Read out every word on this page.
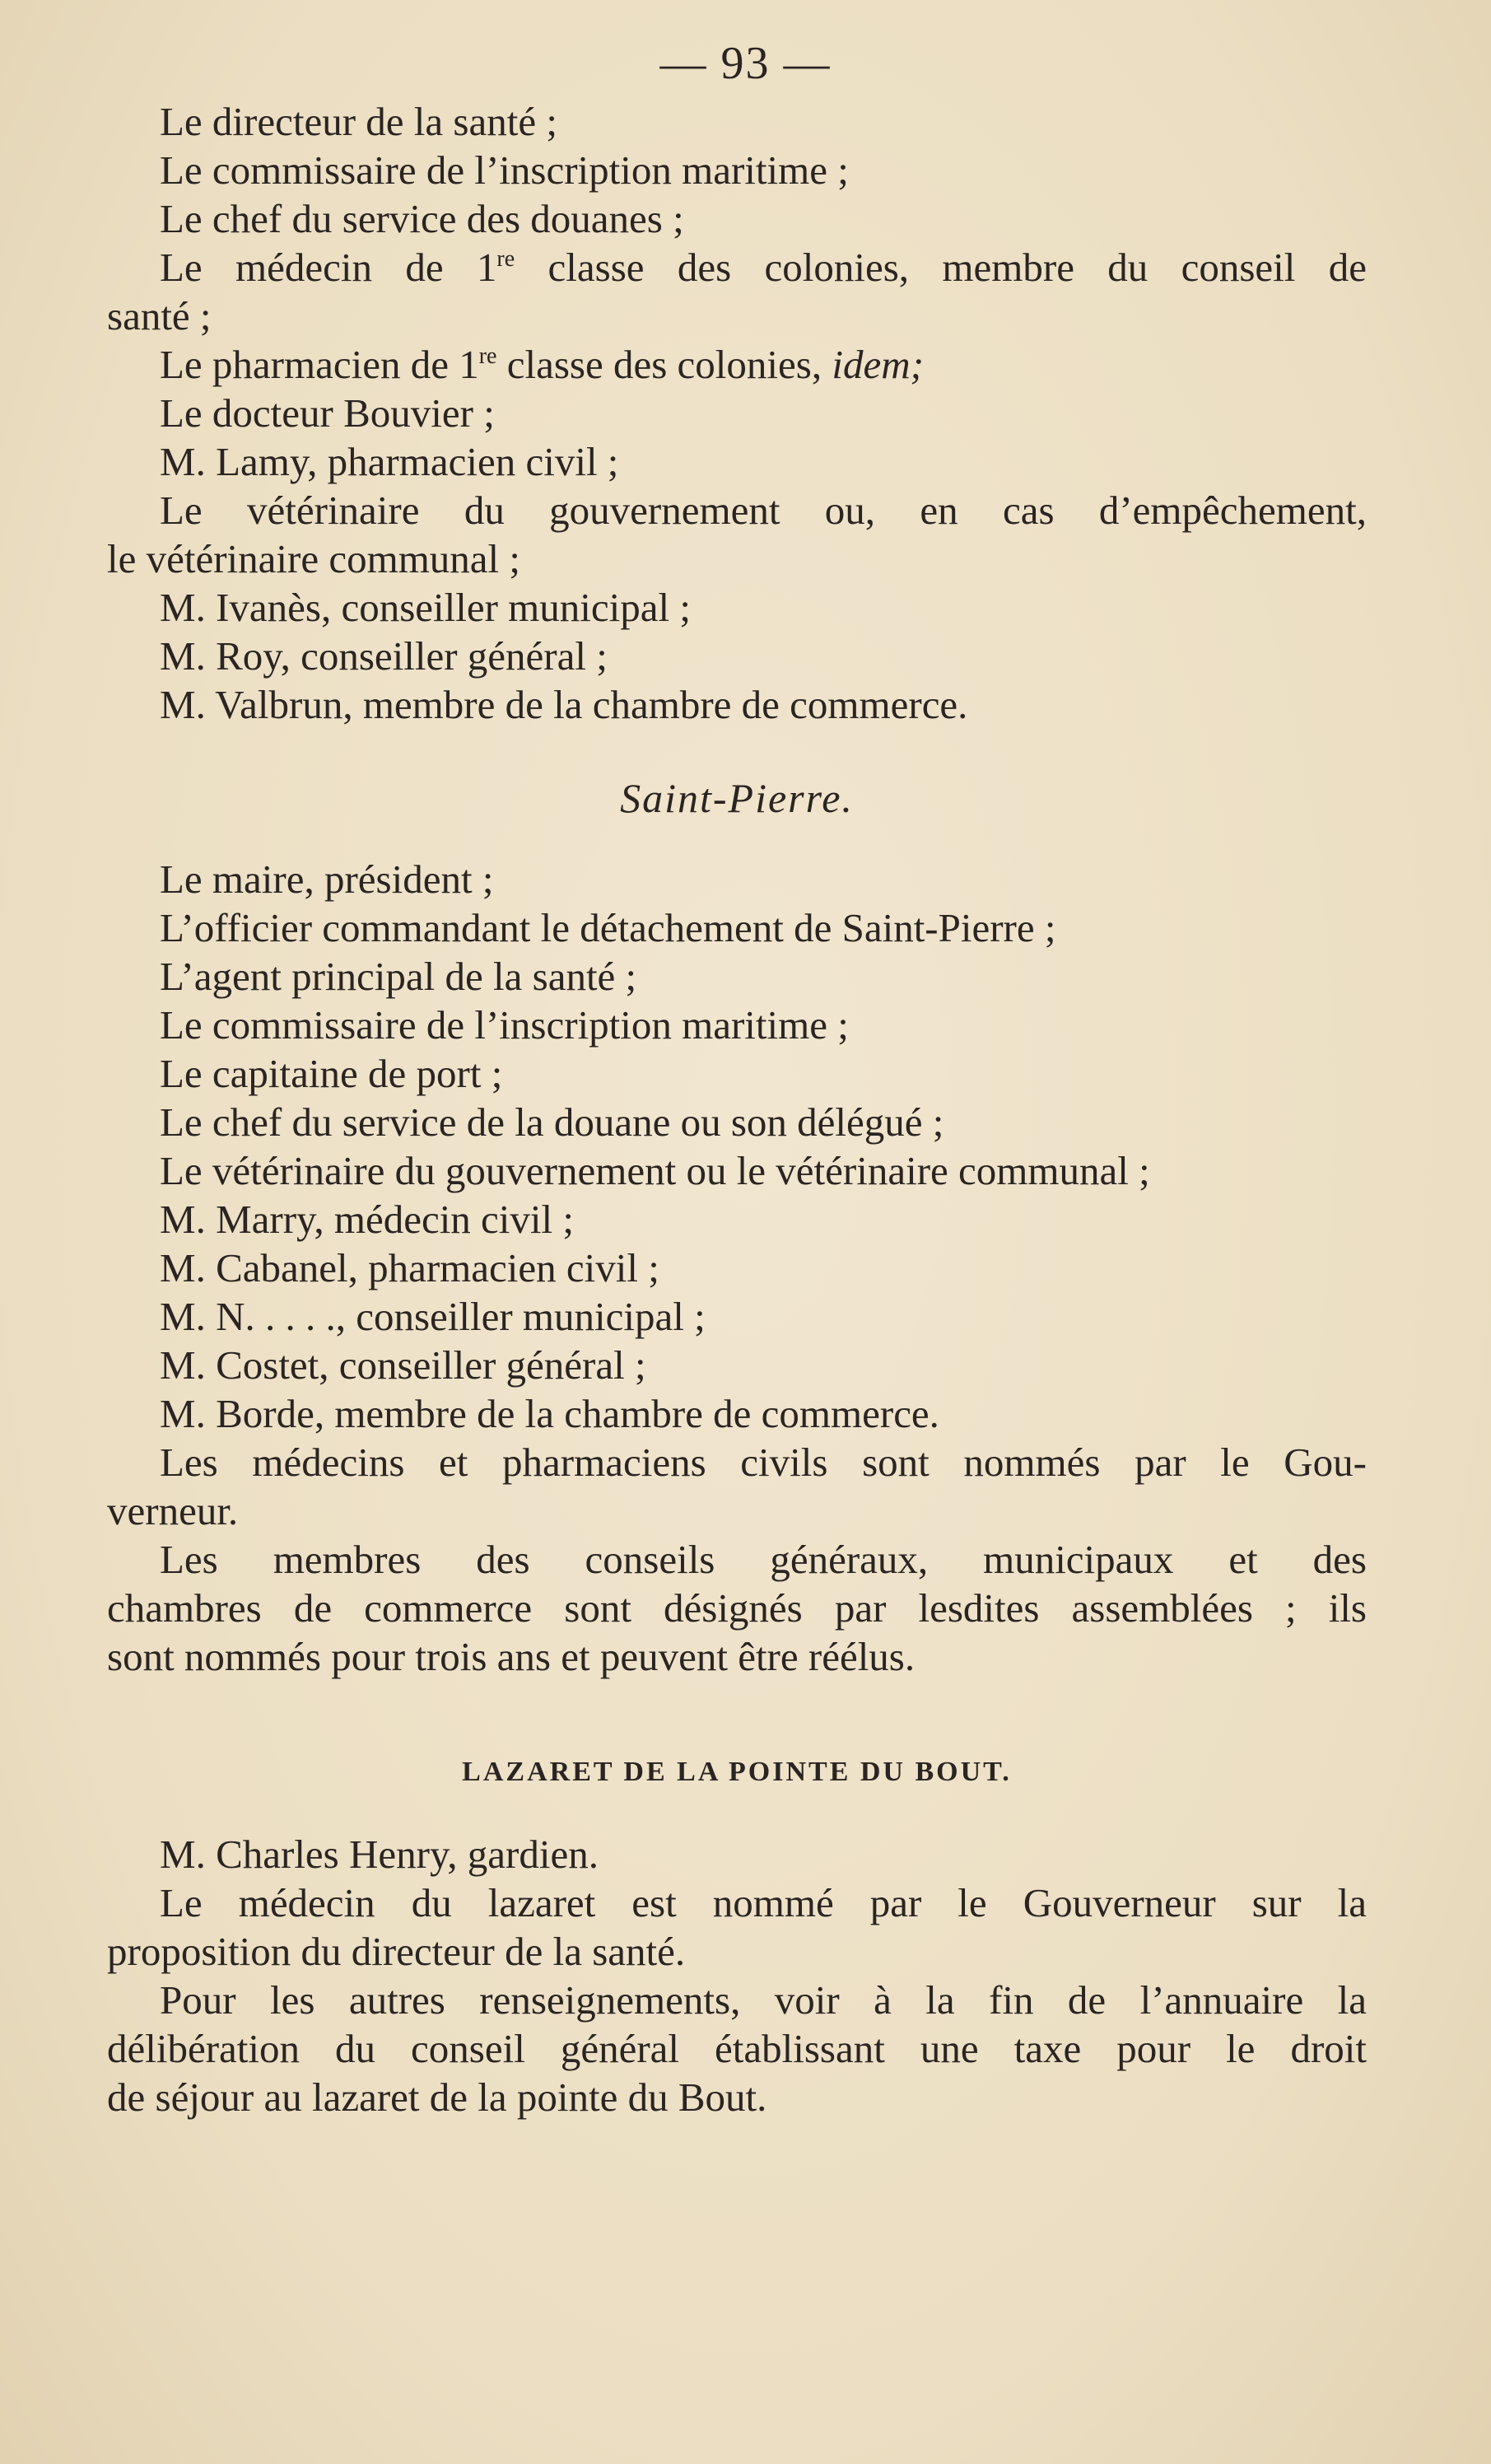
— 93 —
Le directeur de la santé ;
Le commissaire de l’inscription maritime ;
Le chef du service des douanes ;
Le médecin de 1re classe des colonies, membre du conseil de
santé ;
Le pharmacien de 1re classe des colonies, idem;
Le docteur Bouvier ;
M. Lamy, pharmacien civil ;
Le vétérinaire du gouvernement ou, en cas d’empêchement,
le vétérinaire communal ;
M. Ivanès, conseiller municipal ;
M. Roy, conseiller général ;
M. Valbrun, membre de la chambre de commerce.
Saint-Pierre.
Le maire, président ;
L’officier commandant le détachement de Saint-Pierre ;
L’agent principal de la santé ;
Le commissaire de l’inscription maritime ;
Le capitaine de port ;
Le chef du service de la douane ou son délégué ;
Le vétérinaire du gouvernement ou le vétérinaire communal ;
M. Marry, médecin civil ;
M. Cabanel, pharmacien civil ;
M. N. . . . ., conseiller municipal ;
M. Costet, conseiller général ;
M. Borde, membre de la chambre de commerce.
Les médecins et pharmaciens civils sont nommés par le Gou-
verneur.
Les membres des conseils généraux, municipaux et des
chambres de commerce sont désignés par lesdites assemblées ; ils
sont nommés pour trois ans et peuvent être réélus.
LAZARET DE LA POINTE DU BOUT.
M. Charles Henry, gardien.
Le médecin du lazaret est nommé par le Gouverneur sur la
proposition du directeur de la santé.
Pour les autres renseignements, voir à la fin de l’annuaire la
délibération du conseil général établissant une taxe pour le droit
de séjour au lazaret de la pointe du Bout.
